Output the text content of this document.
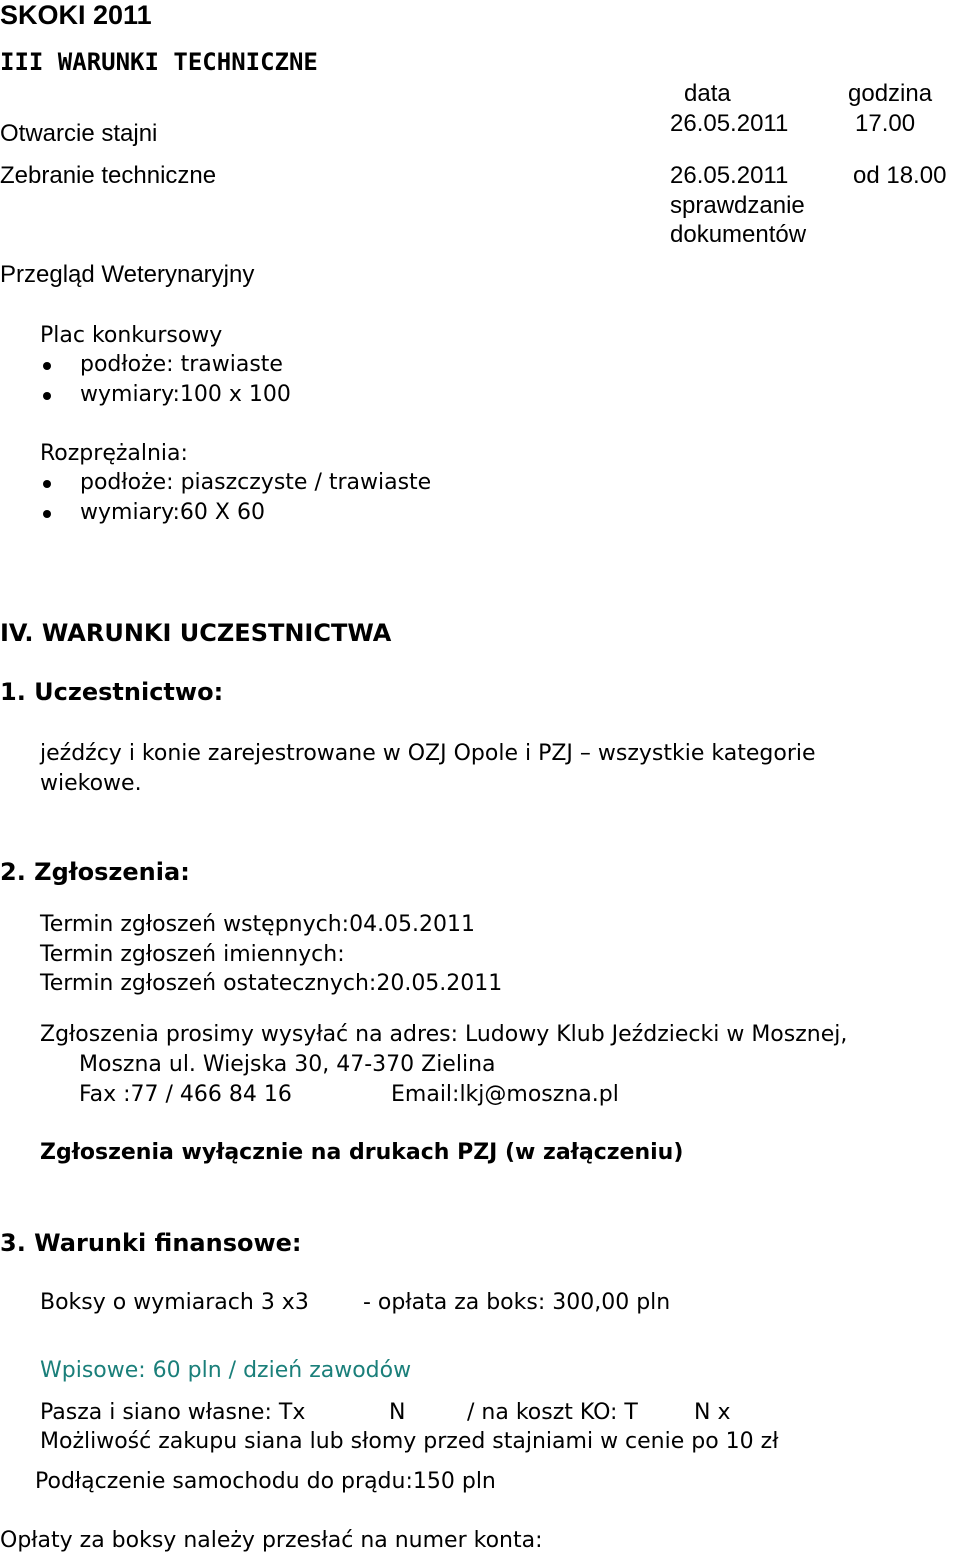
SKOKI 2011
III WARUNKI TECHNICZNE
data	godzina
Otwarcie stajni	26.05.2011	17.00
Zebranie techniczne	26.05.2011	od 18.00
sprawdzanie
dokumentów
Przegląd Weterynaryjny
Plac konkursowy
podłoże: trawiaste
wymiary:100 x 100
Rozprężalnia:
podłoże: piaszczyste / trawiaste
wymiary:60 X 60
IV. WARUNKI UCZESTNICTWA
1. Uczestnictwo:
jeźdźcy i konie zarejestrowane w OZJ Opole i PZJ – wszystkie kategorie
wiekowe.
2. Zgłoszenia:
Termin zgłoszeń wstępnych:04.05.2011
Termin zgłoszeń imiennych:
Termin zgłoszeń ostatecznych:20.05.2011
Zgłoszenia prosimy wysyłać na adres: Ludowy Klub Jeździecki w Mosznej,
Moszna ul. Wiejska 30, 47-370 Zielina
Fax :77 / 466 84 16	Email:lkj@moszna.pl
Zgłoszenia wyłącznie na drukach PZJ (w załączeniu)
3. Warunki finansowe:
Boksy o wymiarach 3 x3 - opłata za boks: 300,00 pln
Wpisowe: 60 pln / dzień zawodów
Pasza i siano własne: Tx	N	/ na koszt KO: T	N x
Możliwość zakupu siana lub słomy przed stajniami w cenie po 10 zł
Podłączenie samochodu do prądu:150 pln
Opłaty za boksy należy przesłać na numer konta:
